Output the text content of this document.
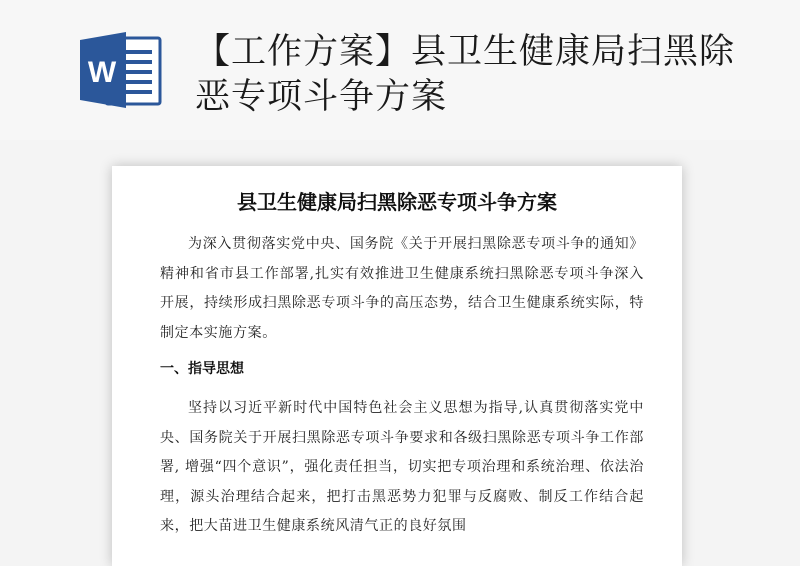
W
【工作方案】县卫生健康局扫黑除恶专项斗争方案
县卫生健康局扫黑除恶专项斗争方案

为深入贯彻落实党中央、国务院《关于开展扫黑除恶专项斗争的通知》精神和省市县工作部署,扎实有效推进卫生健康系统扫黑除恶专项斗争深入开展，持续形成扫黑除恶专项斗争的高压态势，结合卫生健康系统实际，特制定本实施方案。

一、指导思想

坚持以习近平新时代中国特色社会主义思想为指导,认真贯彻落实党中央、国务院关于开展扫黑除恶专项斗争要求和各级扫黑除恶专项斗争工作部署, 增强“四个意识”，强化责任担当，切实把专项治理和系统治理、依法治理，源头治理结合起来，把打击黑恶势力犯罪与反腐败、制反工作结合起来，把大苗进卫生健康系统风清气正的良好氛围
